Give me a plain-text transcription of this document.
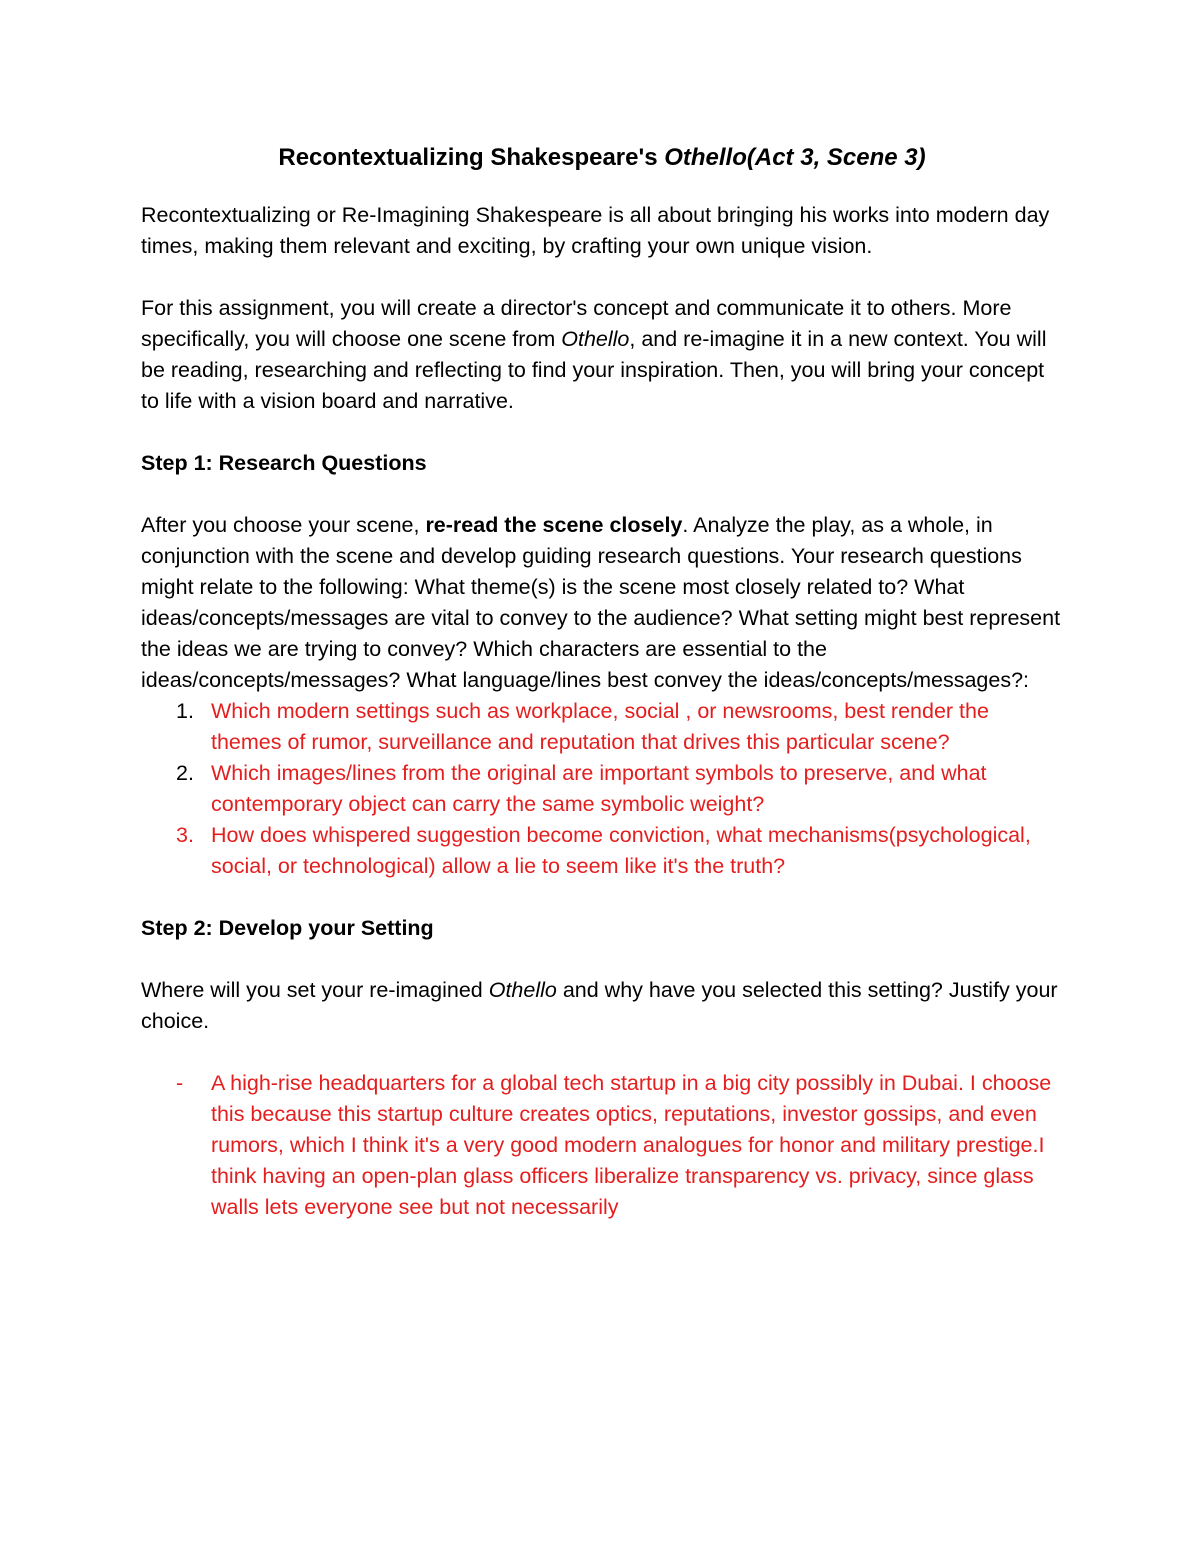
Recontextualizing Shakespeare's Othello(Act 3, Scene 3)

Recontextualizing or Re-Imagining Shakespeare is all about bringing his works into modern day times, making them relevant and exciting, by crafting your own unique vision.

For this assignment, you will create a director's concept and communicate it to others. More specifically, you will choose one scene from Othello, and re-imagine it in a new context. You will be reading, researching and reflecting to find your inspiration. Then, you will bring your concept to life with a vision board and narrative.

Step 1: Research Questions

After you choose your scene, re-read the scene closely. Analyze the play, as a whole, in conjunction with the scene and develop guiding research questions. Your research questions might relate to the following: What theme(s) is the scene most closely related to? What ideas/concepts/messages are vital to convey to the audience? What setting might best represent the ideas we are trying to convey? Which characters are essential to the ideas/concepts/messages? What language/lines best convey the ideas/concepts/messages?:

1. Which modern settings such as workplace, social , or newsrooms, best render the themes of rumor, surveillance and reputation that drives this particular scene?
2. Which images/lines from the original are important symbols to preserve, and what contemporary object can carry the same symbolic weight?
3. How does whispered suggestion become conviction, what mechanisms(psychological, social, or technological) allow a lie to seem like it's the truth?
Step 2: Develop your Setting

Where will you set your re-imagined Othello and why have you selected this setting? Justify your choice.

- A high-rise headquarters for a global tech startup in a big city possibly in Dubai. I choose this because this startup culture creates optics, reputations, investor gossips, and even rumors, which I think it's a very good modern analogues for honor and military prestige.I think having an open-plan glass officers liberalize transparency vs. privacy, since glass walls lets everyone see but not necessarily
